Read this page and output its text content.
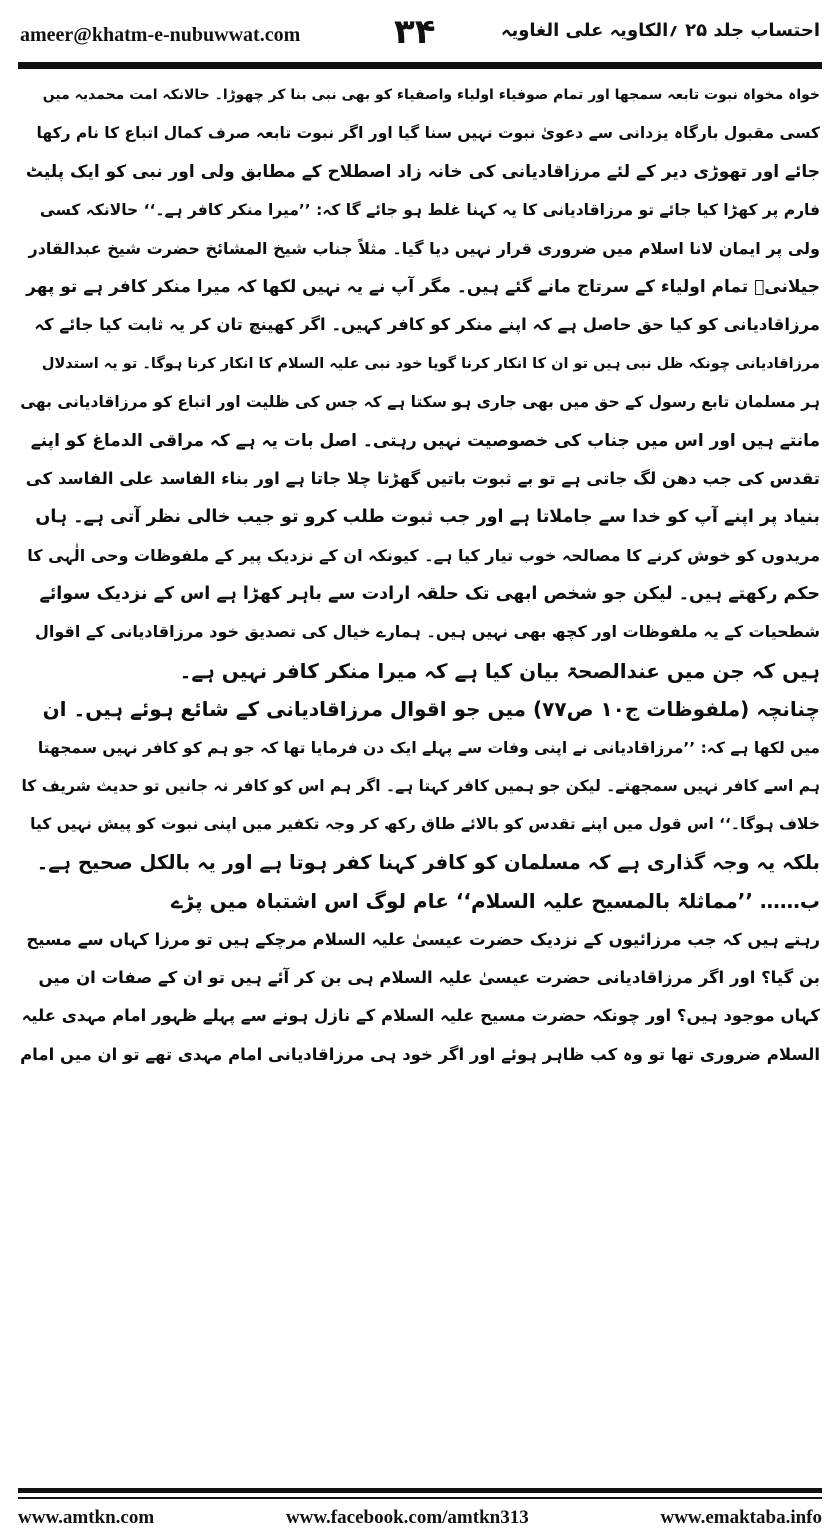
ameer@khatm-e-nubuwwat.com	۳۴	احتساب جلد ۲۵ ؍الکاویہ علی الغاویہ
خواہ مخواہ نبوت تابعہ سمجھا اور تمام صوفیاء اولیاء واصفیاء کو بھی نبی بنا کر چھوڑا۔ حالانکہ امت محمدیہ میں
کسی مقبول بارگاہ یزدانی سے دعویٰ نبوت نہیں سنا گیا اور اگر نبوت تابعہ صرف کمال اتباع کا نام رکھا
جائے اور تھوڑی دیر کے لئے مرزاقادیانی کی خانہ زاد اصطلاح کے مطابق ولی اور نبی کو ایک پلیٹ
فارم پر کھڑا کیا جائے تو مرزاقادیانی کا یہ کہنا غلط ہو جائے گا کہ: ’’میرا منکر کافر ہے۔‘‘ حالانکہ کسی
ولی پر ایمان لانا اسلام میں ضروری قرار نہیں دیا گیا۔ مثلاً جناب شیخ المشائخ حضرت شیخ عبدالقادر
جیلانیؒ تمام اولیاء کے سرتاج مانے گئے ہیں۔ مگر آپ نے یہ نہیں لکھا کہ میرا منکر کافر ہے تو پھر
مرزاقادیانی کو کیا حق حاصل ہے کہ اپنے منکر کو کافر کہیں۔ اگر کھینچ تان کر یہ ثابت کیا جائے کہ
مرزاقادیانی چونکہ ظل نبی ہیں تو ان کا انکار کرنا گویا خود نبی علیہ السلام کا انکار کرنا ہوگا۔ تو یہ استدلال
ہر مسلمان تابع رسول کے حق میں بھی جاری ہو سکتا ہے کہ جس کی ظلیت اور اتباع کو مرزاقادیانی بھی
مانتے ہیں اور اس میں جناب کی خصوصیت نہیں رہتی۔ اصل بات یہ ہے کہ مراقی الدماغ کو اپنے
تقدس کی جب دھن لگ جاتی ہے تو بے ثبوت باتیں گھڑتا چلا جاتا ہے اور بناء الفاسد علی الفاسد کی
بنیاد پر اپنے آپ کو خدا سے جاملاتا ہے اور جب ثبوت طلب کرو تو جیب خالی نظر آتی ہے۔ ہاں
مریدوں کو خوش کرنے کا مصالحہ خوب تیار کیا ہے۔ کیونکہ ان کے نزدیک پیر کے ملفوظات وحی الٰہی کا
حکم رکھتے ہیں۔ لیکن جو شخص ابھی تک حلقہ ارادت سے باہر کھڑا ہے اس کے نزدیک سوائے
شطحیات کے یہ ملفوظات اور کچھ بھی نہیں ہیں۔ ہمارے خیال کی تصدیق خود مرزاقادیانی کے اقوال
ہیں کہ جن میں عندالصحۃ بیان کیا ہے کہ میرا منکر کافر نہیں ہے۔
چنانچہ (ملفوظات ج۱۰ ص۷۷) میں جو اقوال مرزاقادیانی کے شائع ہوئے ہیں۔ ان
میں لکھا ہے کہ: ’’مرزاقادیانی نے اپنی وفات سے پہلے ایک دن فرمایا تھا کہ جو ہم کو کافر نہیں سمجھتا
ہم اسے کافر نہیں سمجھتے۔ لیکن جو ہمیں کافر کہتا ہے۔ اگر ہم اس کو کافر نہ جانیں تو حدیث شریف کا
خلاف ہوگا۔‘‘ اس قول میں اپنے تقدس کو بالائے طاق رکھ کر وجہ تکفیر میں اپنی نبوت کو پیش نہیں کیا
بلکہ یہ وجہ گذاری ہے کہ مسلمان کو کافر کہنا کفر ہوتا ہے اور یہ بالکل صحیح ہے۔
ب…… ’’مماثلۃ بالمسیح علیہ السلام‘‘ عام لوگ اس اشتباہ میں پڑے
رہتے ہیں کہ جب مرزائیوں کے نزدیک حضرت عیسیٰ علیہ السلام مرچکے ہیں تو مرزا کہاں سے مسیح
بن گیا؟ اور اگر مرزاقادیانی حضرت عیسیٰ علیہ السلام ہی بن کر آئے ہیں تو ان کے صفات ان میں
کہاں موجود ہیں؟ اور چونکہ حضرت مسیح علیہ السلام کے نازل ہونے سے پہلے ظہور امام مہدی علیہ
السلام ضروری تھا تو وہ کب ظاہر ہوئے اور اگر خود ہی مرزاقادیانی امام مہدی تھے تو ان میں امام
www.amtkn.com	www.facebook.com/amtkn313	www.emaktaba.info
